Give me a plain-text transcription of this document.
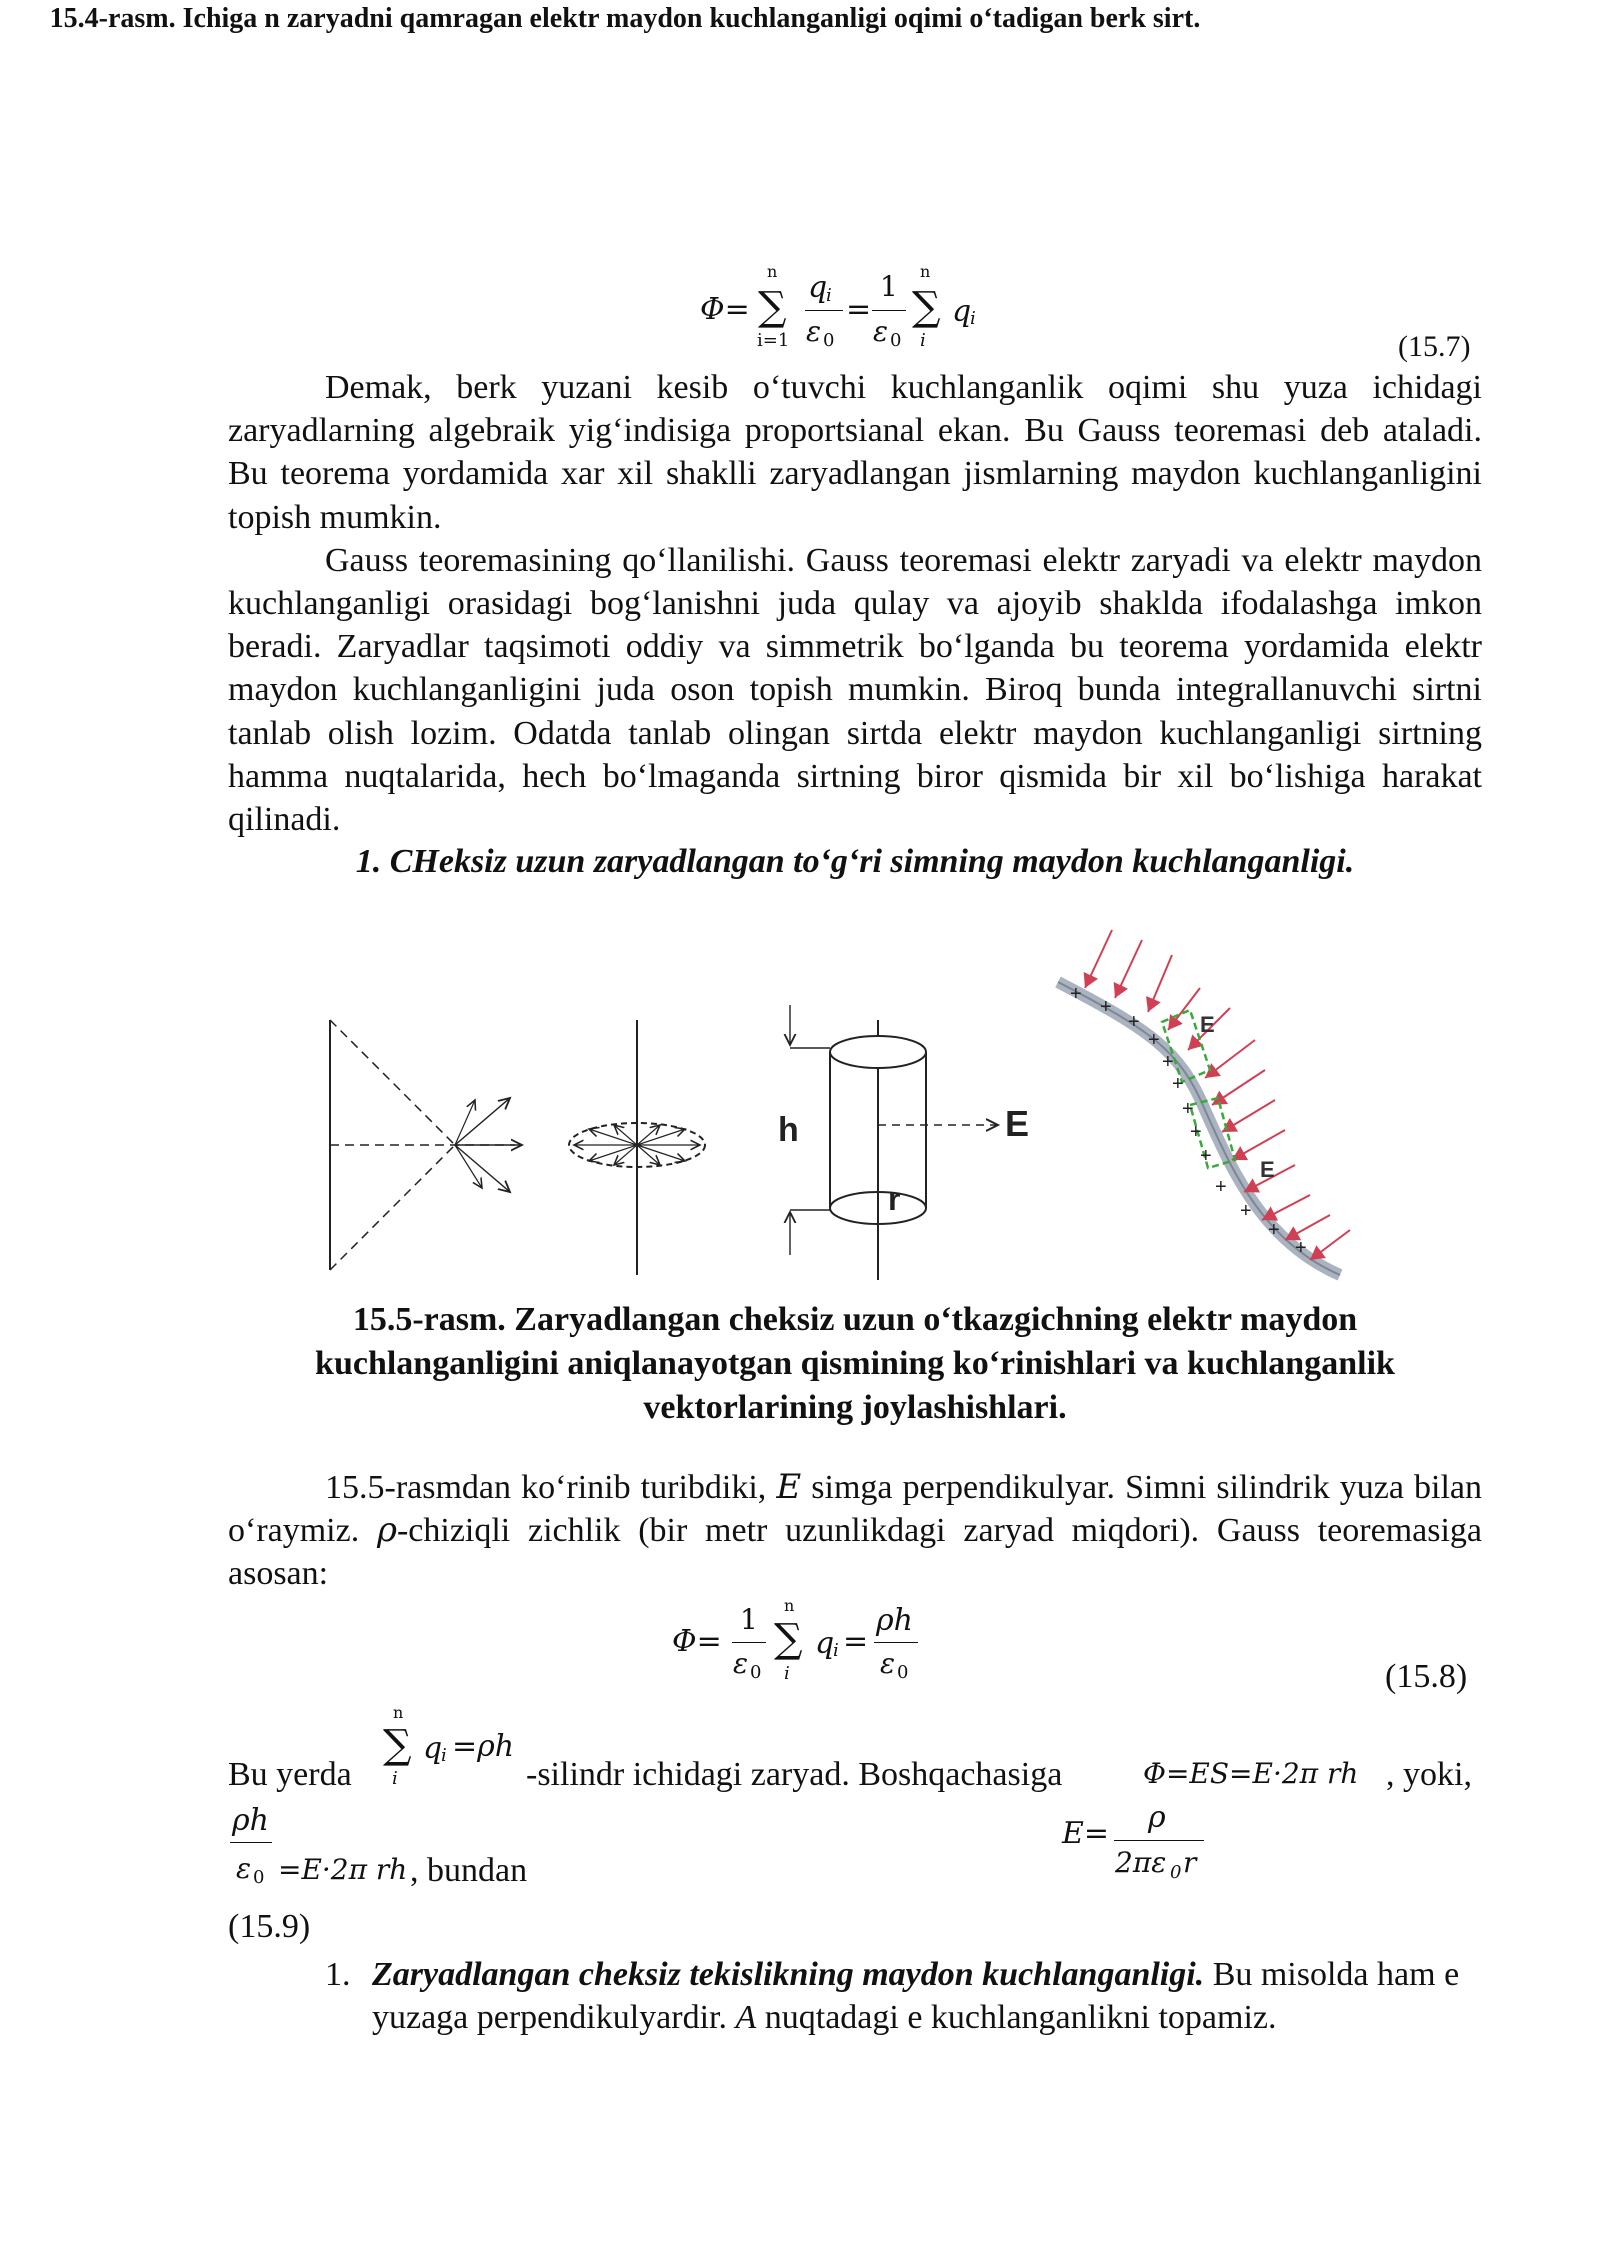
15.4-rasm. Ichiga n zaryadni qamragan elektr maydon kuchlanganligi oqimi o‘tadigan berk sirt.
Φ=
n
∑
i=1
q
i
ε 0
=
1
ε 0
n
∑
i
q
i
(15.7)

Demak, berk yuzani kesib o‘tuvchi kuchlanganlik oqimi shu yuza ichidagi zaryadlarning algebraik yig‘indisiga proportsianal ekan. Bu Gauss teoremasi deb ataladi. Bu teorema yordamida xar xil shaklli zaryadlangan jismlarning maydon kuchlanganligini topish mumkin.

Gauss teoremasining qo‘llanilishi. Gauss teoremasi elektr zaryadi va elektr maydon kuchlanganligi orasidagi bog‘lanishni juda qulay va ajoyib shaklda ifodalashga imkon beradi. Zaryadlar taqsimoti oddiy va simmetrik bo‘lganda bu teorema yordamida elektr maydon kuchlanganligini juda oson topish mumkin. Biroq bunda integrallanuvchi sirtni tanlab olish lozim. Odatda tanlab olingan sirtda elektr maydon kuchlanganligi sirtning hamma nuqtalarida, hech bo‘lmaganda sirtning biror qismida bir xil bo‘lishiga harakat qilinadi.

1. CHeksiz uzun zaryadlangan to‘g‘ri simning maydon kuchlanganligi.
h
r
E
E
E
+
+
+
+
+
+
+
+
+
+
+
+
+
15.5-rasm. Zaryadlangan cheksiz uzun o‘tkazgichning elektr maydon kuchlanganligini aniqlanayotgan qismining ko‘rinishlari va kuchlanganlik vektorlarining joylashishlari.

15.5-rasmdan ko‘rinib turibdiki, E simga perpendikulyar. Simni silindrik yuza bilan o‘raymiz. ρ-chiziqli zichlik (bir metr uzunlikdagi zaryad miqdori). Gauss teoremasiga asosan:

Φ=
1
ε 0
n
∑
i
q
i =
ρh
ε 0	(15.8)
Bu yerda
n
∑
i
q
i =ρh
-silindr ichidagi zaryad. Boshqachasiga	Φ=ES=E·2π rh , yoki,
ρh
ε 0 =E·2π rh , bundan
E= ρ
2πε 0 r
(15.9)
1. Zaryadlangan cheksiz tekislikning maydon kuchlanganligi. Bu misolda ham e yuzaga perpendikulyardir. A nuqtadagi e kuchlanganlikni topamiz.
